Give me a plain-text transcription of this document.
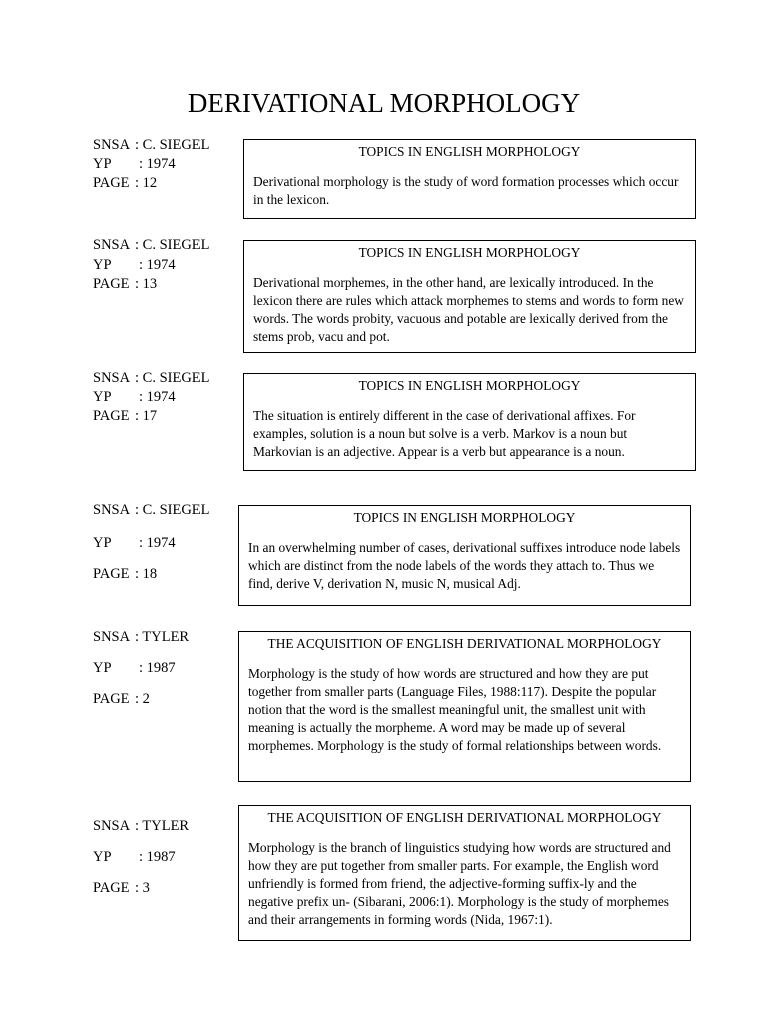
DERIVATIONAL MORPHOLOGY
SNSA : C. SIEGEL
YP : 1974
PAGE : 12
TOPICS IN ENGLISH MORPHOLOGY
Derivational morphology is the study of word formation processes which occur in the lexicon.
SNSA : C. SIEGEL
YP : 1974
PAGE : 13
TOPICS IN ENGLISH MORPHOLOGY
Derivational morphemes, in the other hand, are lexically introduced. In the lexicon there are rules which attack morphemes to stems and words to form new words. The words probity, vacuous and potable are lexically derived from the stems prob, vacu and pot.
SNSA : C. SIEGEL
YP : 1974
PAGE : 17
TOPICS IN ENGLISH MORPHOLOGY
The situation is entirely different in the case of derivational affixes. For examples, solution is a noun but solve is a verb. Markov is a noun but Markovian is an adjective. Appear is a verb but appearance is a noun.
SNSA : C. SIEGEL
YP : 1974
PAGE : 18
TOPICS IN ENGLISH MORPHOLOGY
In an overwhelming number of cases, derivational suffixes introduce node labels which are distinct from the node labels of the words they attach to. Thus we find, derive V, derivation N, music N, musical Adj.
SNSA : TYLER
YP : 1987
PAGE : 2
THE ACQUISITION OF ENGLISH DERIVATIONAL MORPHOLOGY
Morphology is the study of how words are structured and how they are put together from smaller parts (Language Files, 1988:117). Despite the popular notion that the word is the smallest meaningful unit, the smallest unit with meaning is actually the morpheme. A word may be made up of several morphemes. Morphology is the study of formal relationships between words.
SNSA : TYLER
YP : 1987
PAGE : 3
THE ACQUISITION OF ENGLISH DERIVATIONAL MORPHOLOGY
Morphology is the branch of linguistics studying how words are structured and how they are put together from smaller parts. For example, the English word unfriendly is formed from friend, the adjective-forming suffix-ly and the negative prefix un- (Sibarani, 2006:1). Morphology is the study of morphemes and their arrangements in forming words (Nida, 1967:1).
